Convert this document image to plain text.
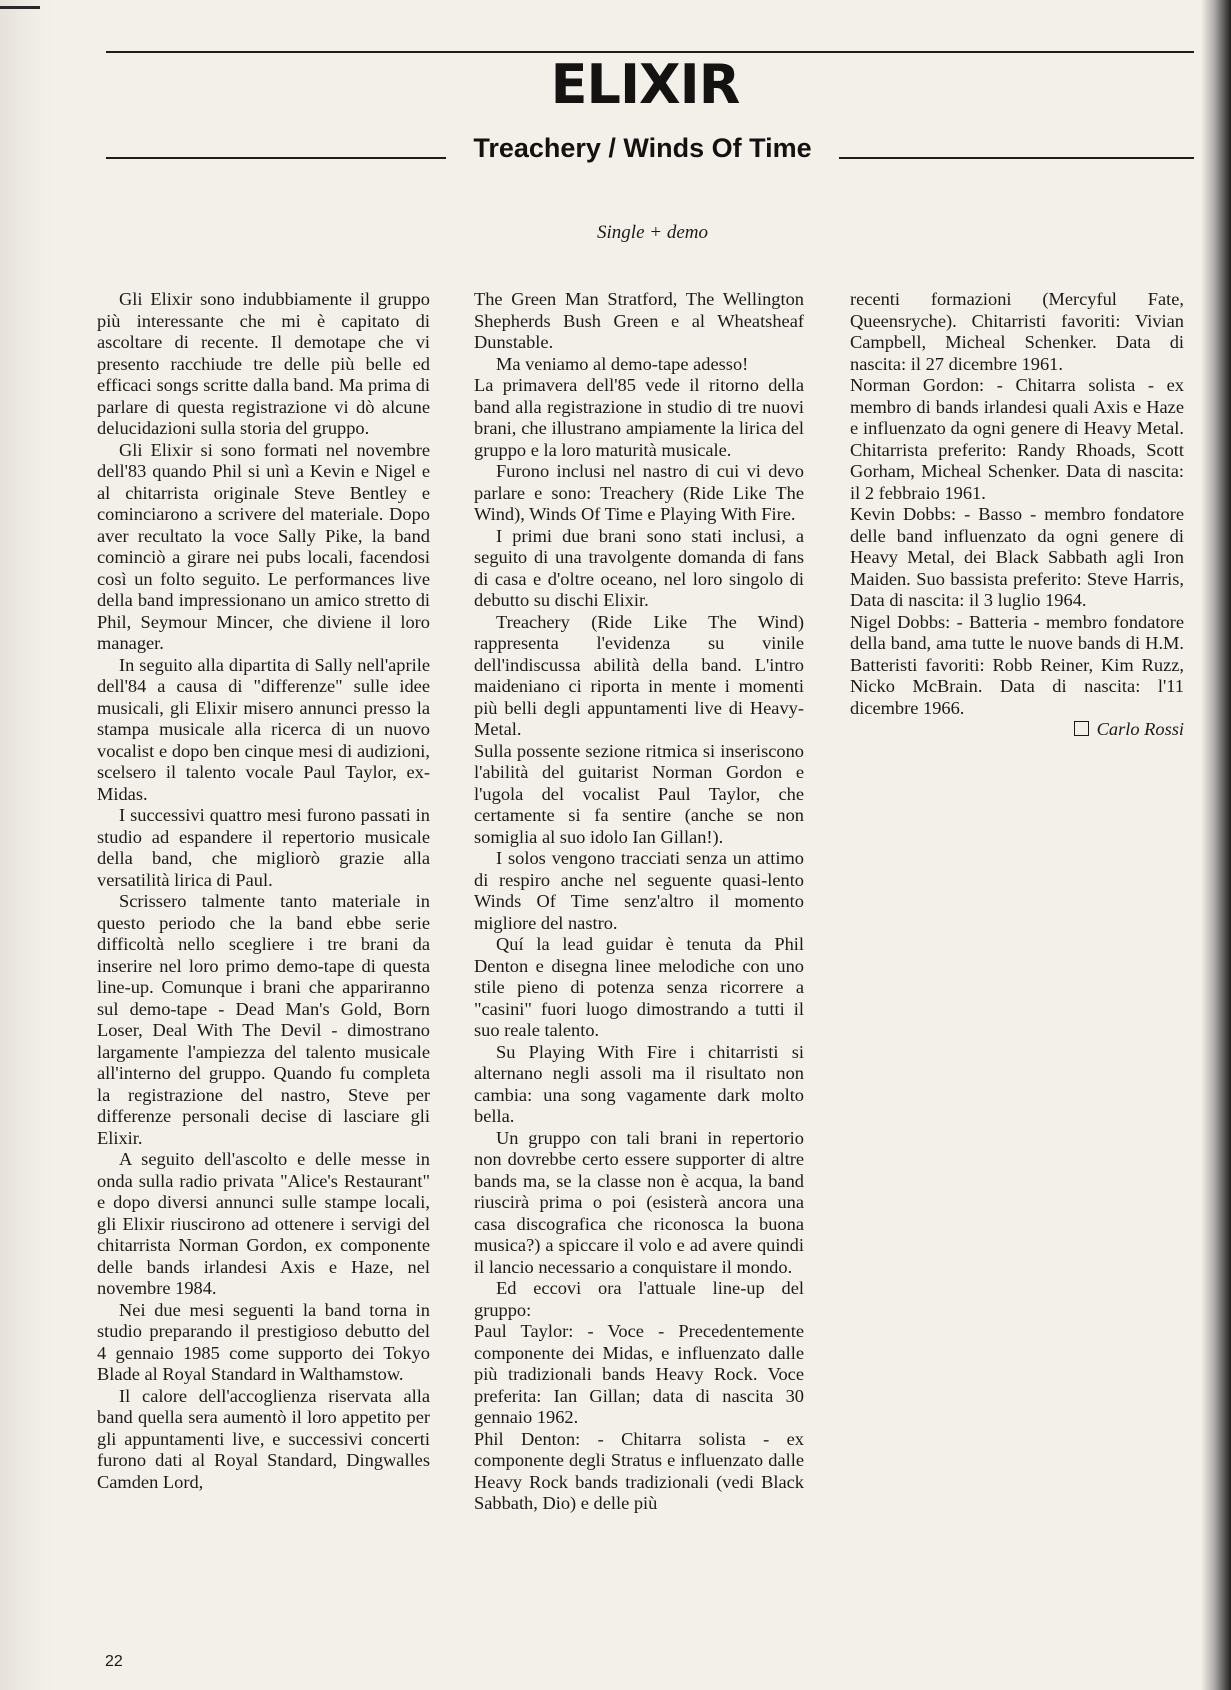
ELIXIR
Treachery / Winds Of Time
Single + demo

Gli Elixir sono indubbiamente il gruppo più interessante che mi è capitato di ascoltare di recente. Il demotape che vi presento racchiude tre delle più belle ed efficaci songs scritte dalla band. Ma prima di parlare di questa registrazione vi dò alcune delucidazioni sulla storia del gruppo.

Gli Elixir si sono formati nel novembre dell'83 quando Phil si unì a Kevin e Nigel e al chitarrista originale Steve Bentley e cominciarono a scrivere del materiale. Dopo aver recultato la voce Sally Pike, la band cominciò a girare nei pubs locali, facendosi così un folto seguito. Le performances live della band impressionano un amico stretto di Phil, Seymour Mincer, che diviene il loro manager.

In seguito alla dipartita di Sally nell'aprile dell'84 a causa di "differenze" sulle idee musicali, gli Elixir misero annunci presso la stampa musicale alla ricerca di un nuovo vocalist e dopo ben cinque mesi di audizioni, scelsero il talento vocale Paul Taylor, ex-Midas.

I successivi quattro mesi furono passati in studio ad espandere il repertorio musicale della band, che migliorò grazie alla versatilità lirica di Paul.

Scrissero talmente tanto materiale in questo periodo che la band ebbe serie difficoltà nello scegliere i tre brani da inserire nel loro primo demo-tape di questa line-up. Comunque i brani che appariranno sul demo-tape - Dead Man's Gold, Born Loser, Deal With The Devil - dimostrano largamente l'ampiezza del talento musicale all'interno del gruppo. Quando fu completa la registrazione del nastro, Steve per differenze personali decise di lasciare gli Elixir.

A seguito dell'ascolto e delle messe in onda sulla radio privata "Alice's Restaurant" e dopo diversi annunci sulle stampe locali, gli Elixir riuscirono ad ottenere i servigi del chitarrista Norman Gordon, ex componente delle bands irlandesi Axis e Haze, nel novembre 1984.

Nei due mesi seguenti la band torna in studio preparando il prestigioso debutto del 4 gennaio 1985 come supporto dei Tokyo Blade al Royal Standard in Walthamstow.

Il calore dell'accoglienza riservata alla band quella sera aumentò il loro appetito per gli appuntamenti live, e successivi concerti furono dati al Royal Standard, Dingwalles Camden Lord,

The Green Man Stratford, The Wellington Shepherds Bush Green e al Wheatsheaf Dunstable.

Ma veniamo al demo-tape adesso!

La primavera dell'85 vede il ritorno della band alla registrazione in studio di tre nuovi brani, che illustrano ampiamente la lirica del gruppo e la loro maturità musicale.

Furono inclusi nel nastro di cui vi devo parlare e sono: Treachery (Ride Like The Wind), Winds Of Time e Playing With Fire.

I primi due brani sono stati inclusi, a seguito di una travolgente domanda di fans di casa e d'oltre oceano, nel loro singolo di debutto su dischi Elixir.

Treachery (Ride Like The Wind) rappresenta l'evidenza su vinile dell'indiscussa abilità della band. L'intro maideniano ci riporta in mente i momenti più belli degli appuntamenti live di Heavy-Metal.

Sulla possente sezione ritmica si inseriscono l'abilità del guitarist Norman Gordon e l'ugola del vocalist Paul Taylor, che certamente si fa sentire (anche se non somiglia al suo idolo Ian Gillan!).

I solos vengono tracciati senza un attimo di respiro anche nel seguente quasi-lento Winds Of Time senz'altro il momento migliore del nastro.

Quí la lead guidar è tenuta da Phil Denton e disegna linee melodiche con uno stile pieno di potenza senza ricorrere a "casini" fuori luogo dimostrando a tutti il suo reale talento.

Su Playing With Fire i chitarristi si alternano negli assoli ma il risultato non cambia: una song vagamente dark molto bella.

Un gruppo con tali brani in repertorio non dovrebbe certo essere supporter di altre bands ma, se la classe non è acqua, la band riuscirà prima o poi (esisterà ancora una casa discografica che riconosca la buona musica?) a spiccare il volo e ad avere quindi il lancio necessario a conquistare il mondo.

Ed eccovi ora l'attuale line-up del gruppo:

Paul Taylor: - Voce - Precedentemente componente dei Midas, e influenzato dalle più tradizionali bands Heavy Rock. Voce preferita: Ian Gillan; data di nascita 30 gennaio 1962.

Phil Denton: - Chitarra solista - ex componente degli Stratus e influenzato dalle Heavy Rock bands tradizionali (vedi Black Sabbath, Dio) e delle più

recenti formazioni (Mercyful Fate, Queensryche). Chitarristi favoriti: Vivian Campbell, Micheal Schenker. Data di nascita: il 27 dicembre 1961.

Norman Gordon: - Chitarra solista - ex membro di bands irlandesi quali Axis e Haze e influenzato da ogni genere di Heavy Metal. Chitarrista preferito: Randy Rhoads, Scott Gorham, Micheal Schenker. Data di nascita: il 2 febbraio 1961.

Kevin Dobbs: - Basso - membro fondatore delle band influenzato da ogni genere di Heavy Metal, dei Black Sabbath agli Iron Maiden. Suo bassista preferito: Steve Harris, Data di nascita: il 3 luglio 1964.

Nigel Dobbs: - Batteria - membro fondatore della band, ama tutte le nuove bands di H.M. Batteristi favoriti: Robb Reiner, Kim Ruzz, Nicko McBrain. Data di nascita: l'11 dicembre 1966.

Carlo Rossi

22
